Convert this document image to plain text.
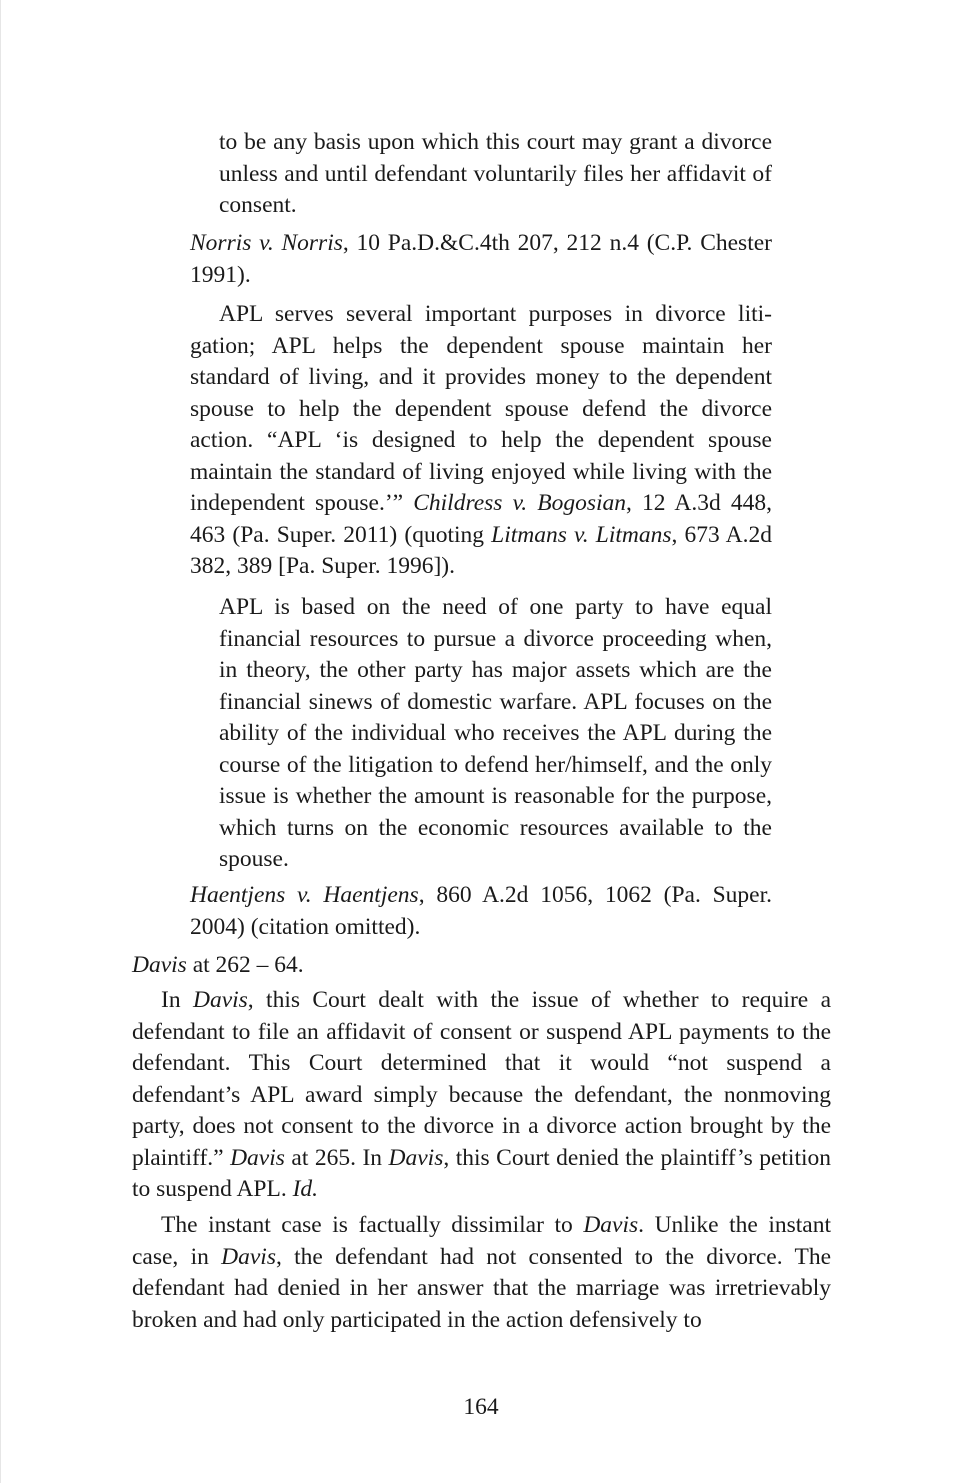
to be any basis upon which this court may grant a divorce unless and until defendant voluntarily files her affidavit of consent.

Norris v. Norris, 10 Pa.D.&C.4th 207, 212 n.4 (C.P. Chester 1991).

APL serves several important purposes in divorce litigation; APL helps the dependent spouse maintain her standard of living, and it provides money to the dependent spouse to help the dependent spouse defend the divorce action. “APL ‘is designed to help the dependent spouse maintain the standard of living enjoyed while living with the independent spouse.’” Childress v. Bogosian, 12 A.3d 448, 463 (Pa. Super. 2011) (quoting Litmans v. Litmans, 673 A.2d 382, 389 [Pa. Super. 1996]).

APL is based on the need of one party to have equal financial resources to pursue a divorce proceeding when, in theory, the other party has major assets which are the financial sinews of domestic warfare. APL focuses on the ability of the individual who receives the APL during the course of the litigation to defend her/himself, and the only issue is whether the amount is reasonable for the purpose, which turns on the economic resources available to the spouse.

Haentjens v. Haentjens, 860 A.2d 1056, 1062 (Pa. Super. 2004) (citation omitted).

Davis at 262 – 64.

In Davis, this Court dealt with the issue of whether to require a defendant to file an affidavit of consent or suspend APL payments to the defendant. This Court determined that it would “not suspend a defendant’s APL award simply because the defendant, the nonmoving party, does not consent to the divorce in a divorce action brought by the plaintiff.” Davis at 265. In Davis, this Court denied the plaintiff’s petition to suspend APL. Id.

The instant case is factually dissimilar to Davis. Unlike the instant case, in Davis, the defendant had not consented to the divorce. The defendant had denied in her answer that the marriage was irretrievably broken and had only participated in the action defensively to

164
